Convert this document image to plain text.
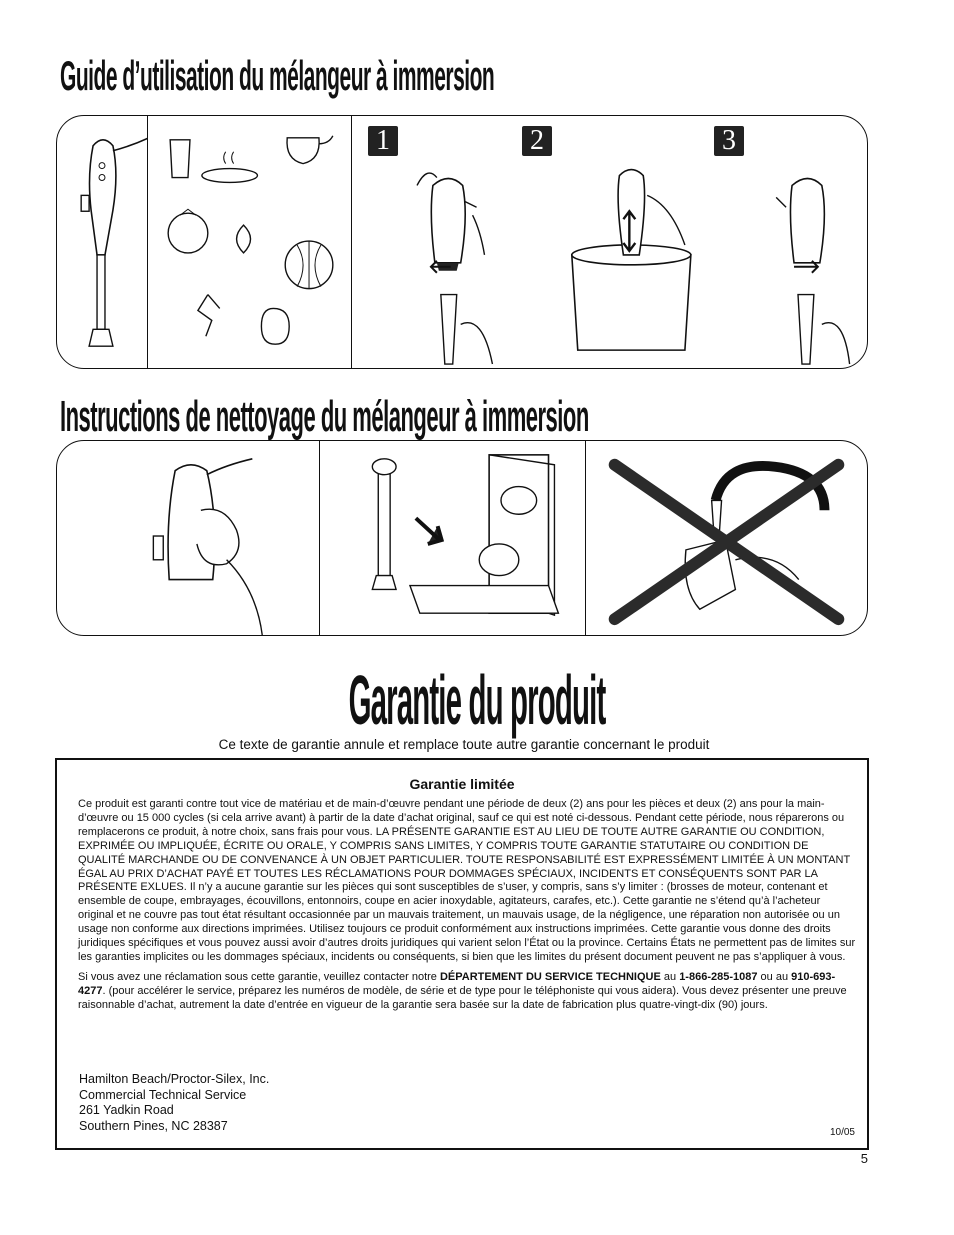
Guide d’utilisation du mélangeur à immersion
1	2	3
Instructions de nettoyage du mélangeur à immersion
Garantie du produit
Ce texte de garantie annule et remplace toute autre garantie concernant le produit
Garantie limitée

Ce produit est garanti contre tout vice de matériau et de main-d’œuvre pendant une période de deux (2) ans pour les pièces et deux (2) ans pour la main-d’œuvre ou 15 000 cycles (si cela arrive avant) à partir de la date d’achat original, sauf ce qui est noté ci-dessous. Pendant cette période, nous réparerons ou remplacerons ce produit, à notre choix, sans frais pour vous. LA PRÉSENTE GARANTIE EST AU LIEU DE TOUTE AUTRE GARANTIE OU CONDITION, EXPRIMÉE OU IMPLIQUÉE, ÉCRITE OU ORALE, Y COMPRIS SANS LIMITES, Y COMPRIS TOUTE GARANTIE STATUTAIRE OU CONDITION DE QUALITÉ MARCHANDE OU DE CONVENANCE À UN OBJET PARTICULIER. TOUTE RESPONSABILITÉ EST EXPRESSÉMENT LIMITÉE À UN MONTANT ÉGAL AU PRIX D’ACHAT PAYÉ ET TOUTES LES RÉCLAMATIONS POUR DOMMAGES SPÉCIAUX, INCIDENTS ET CONSÉQUENTS SONT PAR LA PRÉSENTE EXLUES. Il n’y a aucune garantie sur les pièces qui sont susceptibles de s’user, y compris, sans s’y limiter : (brosses de moteur, contenant et ensemble de coupe, embrayages, écouvillons, entonnoirs, coupe en acier inoxydable, agitateurs, carafes, etc.). Cette garantie ne s’étend qu’à l’acheteur original et ne couvre pas tout état résultant occasionnée par un mauvais traitement, un mauvais usage, de la négligence, une réparation non autorisée ou un usage non conforme aux directions imprimées. Utilisez toujours ce produit conformément aux instructions imprimées. Cette garantie vous donne des droits juridiques spécifiques et vous pouvez aussi avoir d’autres droits juridiques qui varient selon l’État ou la province. Certains États ne permettent pas de limites sur les garanties implicites ou les dommages spéciaux, incidents ou conséquents, si bien que les limites du présent document peuvent ne pas s’appliquer à vous.

Si vous avez une réclamation sous cette garantie, veuillez contacter notre DÉPARTEMENT DU SERVICE TECHNIQUE au 1-866-285-1087 ou au 910-693-4277. (pour accélérer le service, préparez les numéros de modèle, de série et de type pour le téléphoniste qui vous aidera). Vous devez présenter une preuve raisonnable d’achat, autrement la date d’entrée en vigueur de la garantie sera basée sur la date de fabrication plus quatre-vingt-dix (90) jours.

Hamilton Beach/Proctor-Silex, Inc.
Commercial Technical Service
261 Yadkin Road
Southern Pines, NC 28387	10/05
5
